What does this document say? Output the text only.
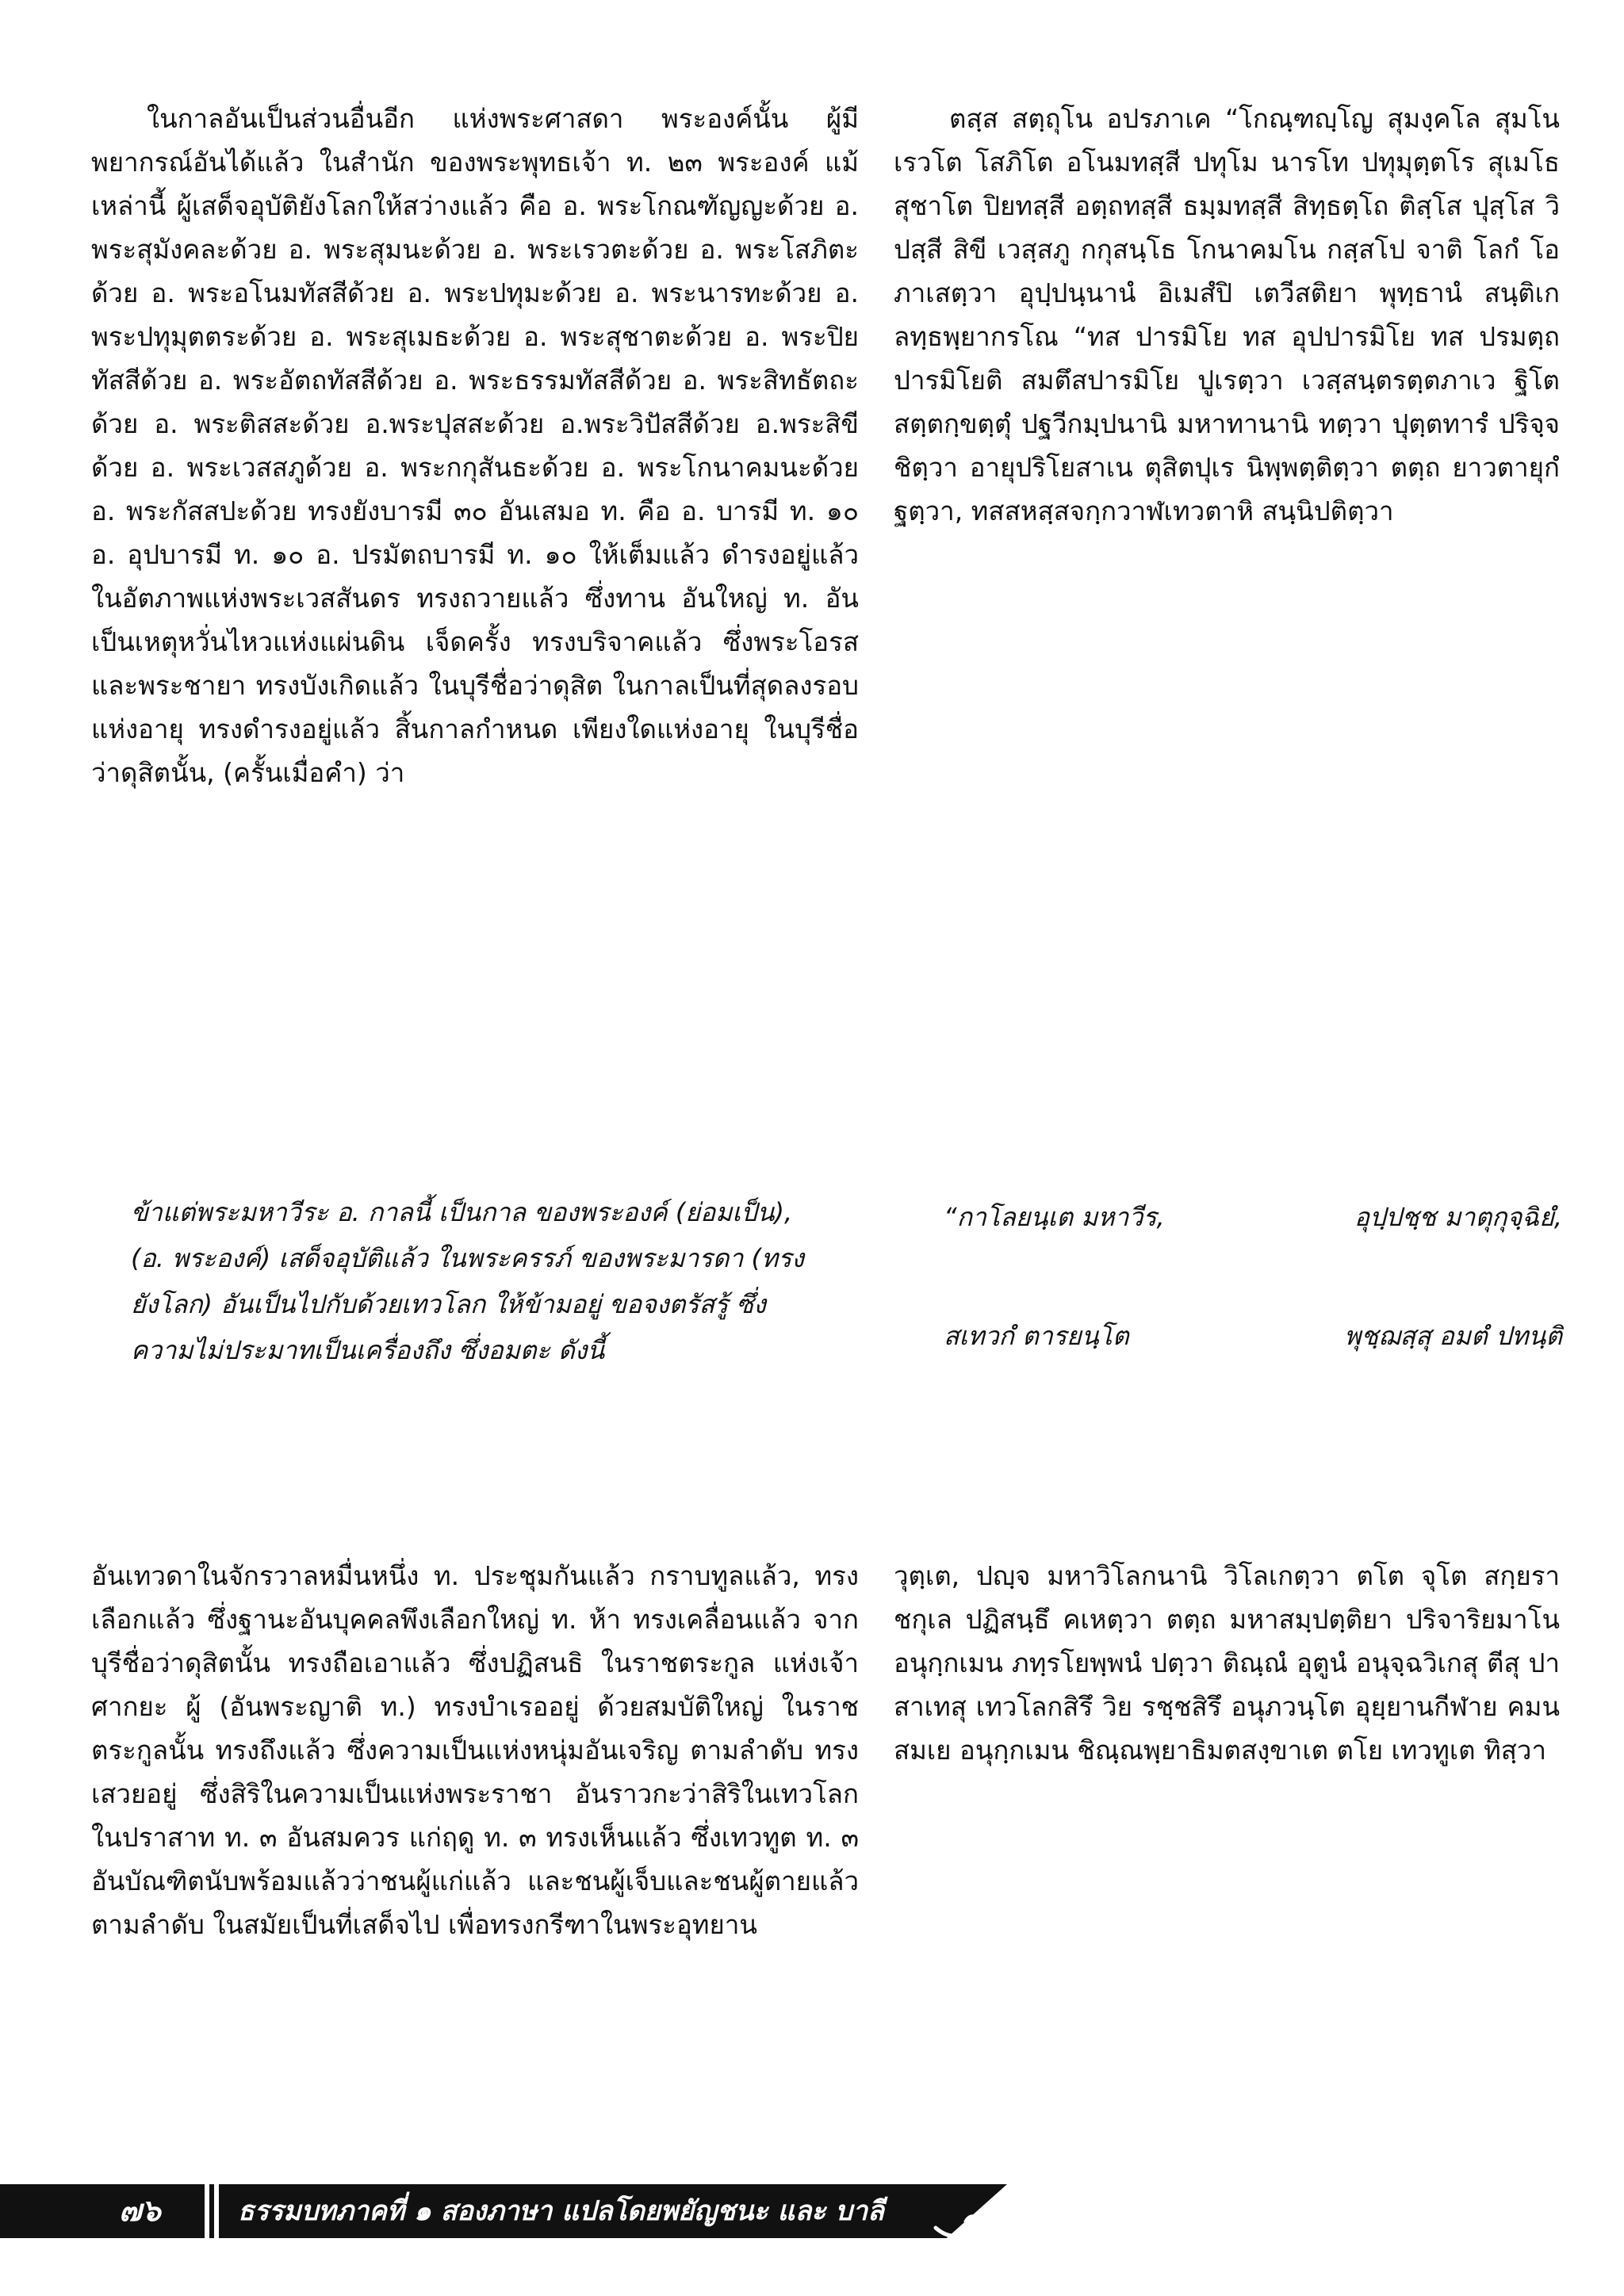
ในกาลอันเป็นส่วนอื่นอีก แห่งพระศาสดา พระองค์นั้น ผู้มีพยากรณ์อันได้แล้ว ในสำนัก ของพระพุทธเจ้า ท. ๒๓ พระองค์ แม้เหล่านี้ ผู้เสด็จอุบัติยังโลกให้สว่างแล้ว คือ อ. พระโกณฑัญญะด้วย อ. พระสุมังคละด้วย อ. พระสุมนะด้วย อ. พระเรวตะด้วย อ. พระโสภิตะด้วย อ. พระอโนมทัสสีด้วย อ. พระปทุมะด้วย อ. พระนารทะด้วย อ. พระปทุมุตตระด้วย อ. พระสุเมธะด้วย อ. พระสุชาตะด้วย อ. พระปิยทัสสีด้วย อ. พระอัตถทัสสีด้วย อ. พระธรรมทัสสีด้วย อ. พระสิทธัตถะด้วย อ. พระติสสะด้วย อ.พระปุสสะด้วย อ.พระวิปัสสีด้วย อ.พระสิขีด้วย อ. พระเวสสภูด้วย อ. พระกกุสันธะด้วย อ. พระโกนาคมนะด้วย อ. พระกัสสปะด้วย ทรงยังบารมี ๓๐ อันเสมอ ท. คือ อ. บารมี ท. ๑๐ อ. อุปบารมี ท. ๑๐ อ. ปรมัตถบารมี ท. ๑๐ ให้เต็มแล้ว ดำรงอยู่แล้ว ในอัตภาพแห่งพระเวสสันดร ทรงถวายแล้ว ซึ่งทาน อันใหญ่ ท. อันเป็นเหตุหวั่นไหวแห่งแผ่นดิน เจ็ดครั้ง ทรงบริจาคแล้ว ซึ่งพระโอรสและพระชายา ทรงบังเกิดแล้ว ในบุรีชื่อว่าดุสิต ในกาลเป็นที่สุดลงรอบแห่งอายุ ทรงดำรงอยู่แล้ว สิ้นกาลกำหนด เพียงใดแห่งอายุ ในบุรีชื่อว่าดุสิตนั้น, (ครั้นเมื่อคำ) ว่า
ตสฺส สตฺถุโน อปรภาเค “โกณฺฑญฺโญ สุมงฺคโล สุมโน เรวโต โสภิโต อโนมทสฺสี ปทุโม นารโท ปทุมุตฺตโร สุเมโธ สุชาโต ปิยทสฺสี อตฺถทสฺสี ธมฺมทสฺสี สิทฺธตฺโถ ติสฺโส ปุสฺโส วิปสฺสี สิขี เวสฺสภู กกุสนฺโธ โกนาคมโน กสฺสโป จาติ โลกํ โอภาเสตฺวา อุปฺปนฺนานํ อิเมสํปิ เตวีสติยา พุทฺธานํ สนฺติเก ลทฺธพฺยากรโณ “ทส ปารมิโย ทส อุปปารมิโย ทส ปรมตฺถปารมิโยติ สมตึสปารมิโย ปูเรตฺวา เวสฺสนฺตรตฺตภาเว ฐิโต สตฺตกฺขตฺตุํ ปฐวีกมฺปนานิ มหาทานานิ ทตฺวา ปุตฺตทารํ ปริจฺจชิตฺวา อายุปริโยสาเน ตุสิตปุเร นิพฺพตฺติตฺวา ตตฺถ ยาวตายุกํ ฐตฺวา, ทสสหสฺสจกฺกวาฬเทวตาหิ สนฺนิปติตฺวา
ข้าแต่พระมหาวีระ อ. กาลนี้ เป็นกาล ของพระองค์ (ย่อมเป็น), (อ. พระองค์) เสด็จอุบัติแล้ว ในพระครรภ์ ของพระมารดา (ทรงยังโลก) อันเป็นไปกับด้วยเทวโลก ให้ข้ามอยู่ ขอจงตรัสรู้ ซึ่งความไม่ประมาทเป็นเครื่องถึง ซึ่งอมตะ ดังนี้
“กาโลยนฺเต มหาวีร,	อุปฺปชฺช มาตุกุจฺฉิยํ,
สเทวกํ ตารยนฺโต	พุชฺฌสฺสุ อมตํ ปทนฺติ
อันเทวดาในจักรวาลหมื่นหนึ่ง ท. ประชุมกันแล้ว กราบทูลแล้ว, ทรงเลือกแล้ว ซึ่งฐานะอันบุคคลพึงเลือกใหญ่ ท. ห้า ทรงเคลื่อนแล้ว จากบุรีชื่อว่าดุสิตนั้น ทรงถือเอาแล้ว ซึ่งปฏิสนธิ ในราชตระกูล แห่งเจ้าศากยะ ผู้ (อันพระญาติ ท.) ทรงบำเรออยู่ ด้วยสมบัติใหญ่ ในราชตระกูลนั้น ทรงถึงแล้ว ซึ่งความเป็นแห่งหนุ่มอันเจริญ ตามลำดับ ทรงเสวยอยู่ ซึ่งสิริในความเป็นแห่งพระราชา อันราวกะว่าสิริในเทวโลก ในปราสาท ท. ๓ อันสมควร แก่ฤดู ท. ๓ ทรงเห็นแล้ว ซึ่งเทวทูต ท. ๓ อันบัณฑิตนับพร้อมแล้วว่าชนผู้แก่แล้ว และชนผู้เจ็บและชนผู้ตายแล้ว ตามลำดับ ในสมัยเป็นที่เสด็จไป เพื่อทรงกรีฑาในพระอุทยาน
วุตฺเต, ปญฺจ มหาวิโลกนานิ วิโลเกตฺวา ตโต จุโต สกฺยราชกุเล ปฏิสนฺธึ คเหตฺวา ตตฺถ มหาสมฺปตฺติยา ปริจาริยมาโน อนุกฺกเมน ภทฺรโยพฺพนํ ปตฺวา ติณฺณํ อุตูนํ อนุจฺฉวิเกสุ ตีสุ ปาสาเทสุ เทวโลกสิรึ วิย รชฺชสิรึ อนุภวนฺโต อุยฺยานกีฬาย คมนสมเย อนุกฺกเมน ชิณฺณพฺยาธิมตสงฺขาเต ตโย เทวทูเต ทิสฺวา
๗๖	ธรรมบทภาคที่ ๑ สองภาษา แปลโดยพยัญชนะ และ บาลี
